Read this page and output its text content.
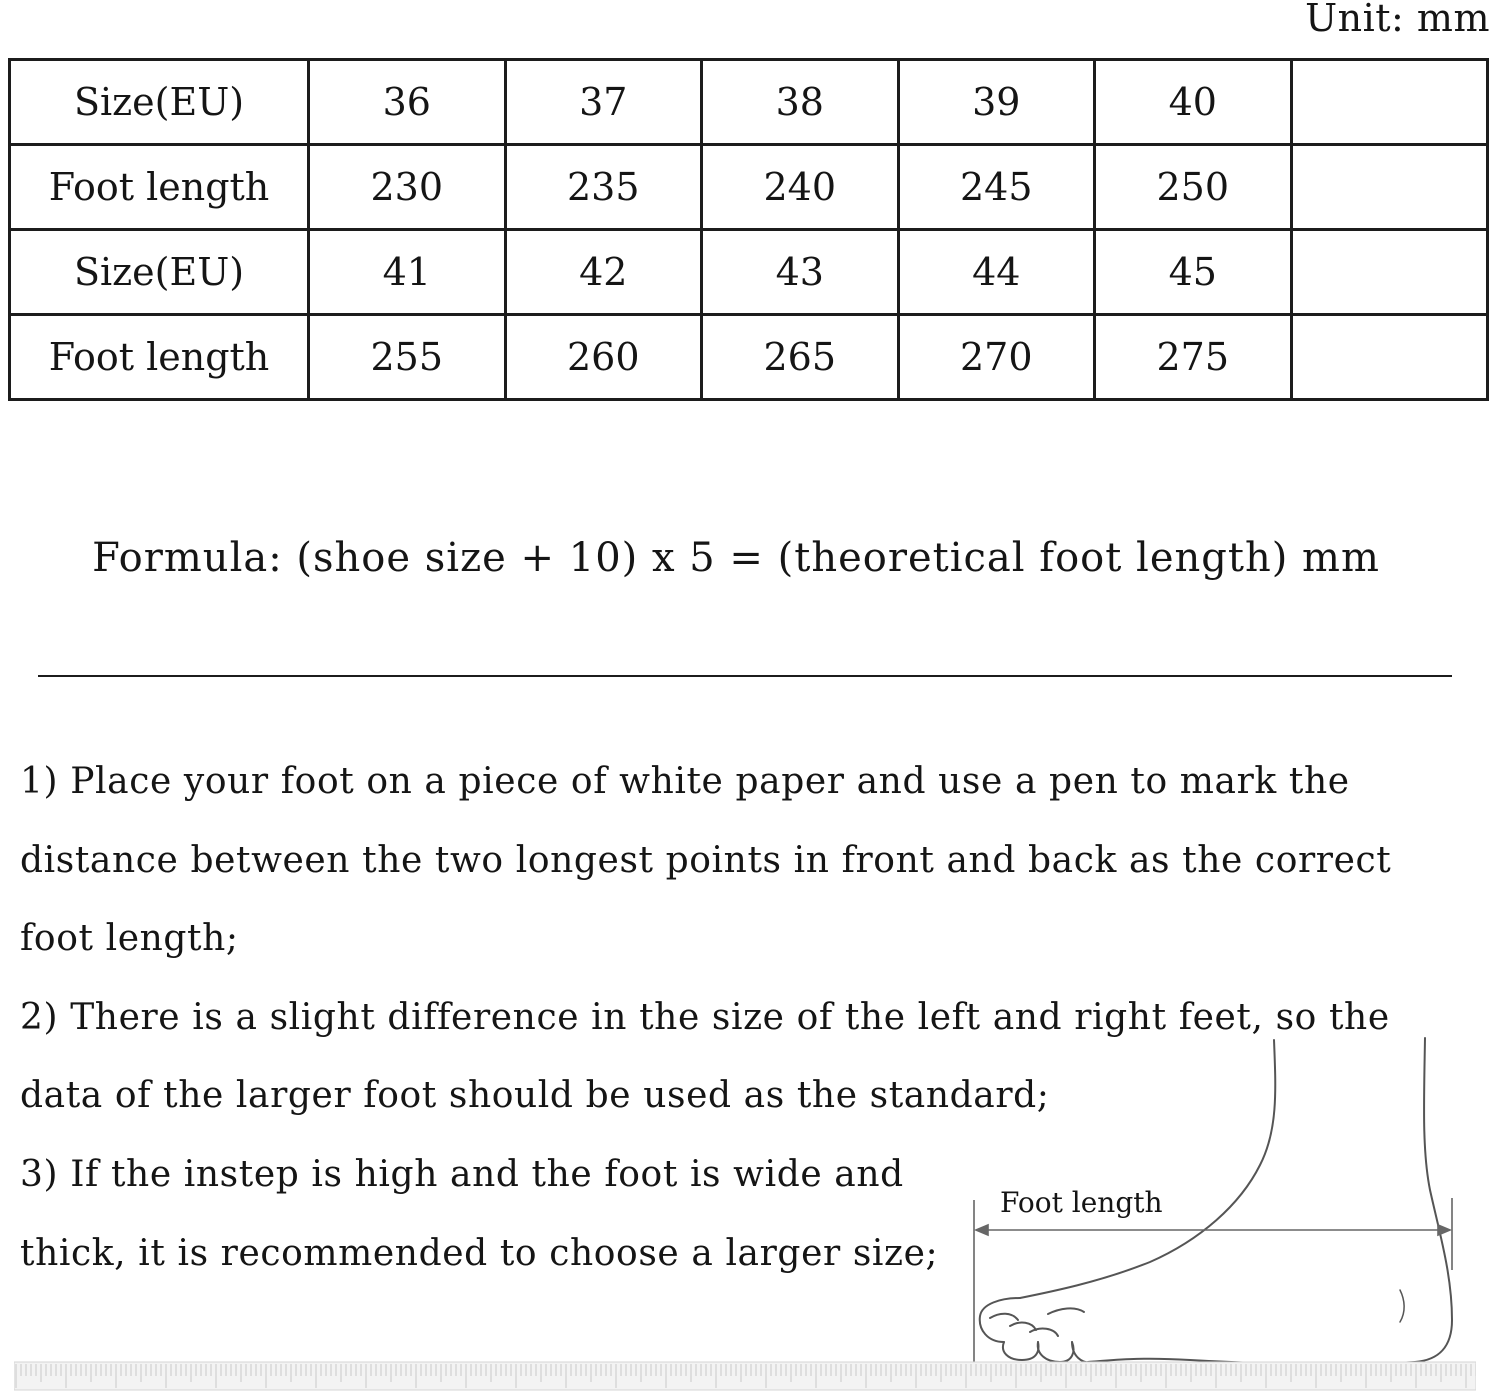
Unit: mm
Size(EU)	36	37	38	39	40	
Foot length	230	235	240	245	250	
Size(EU)	41	42	43	44	45	
Foot length	255	260	265	270	275	
Formula: (shoe size + 10) x 5 = (theoretical foot length) mm
1) Place your foot on a piece of white paper and use a pen to mark the
distance between the two longest points in front and back as the correct
foot length;
2) There is a slight difference in the size of the left and right feet, so the
data of the larger foot should be used as the standard;
3) If the instep is high and the foot is wide and
thick, it is recommended to choose a larger size;
Foot length
